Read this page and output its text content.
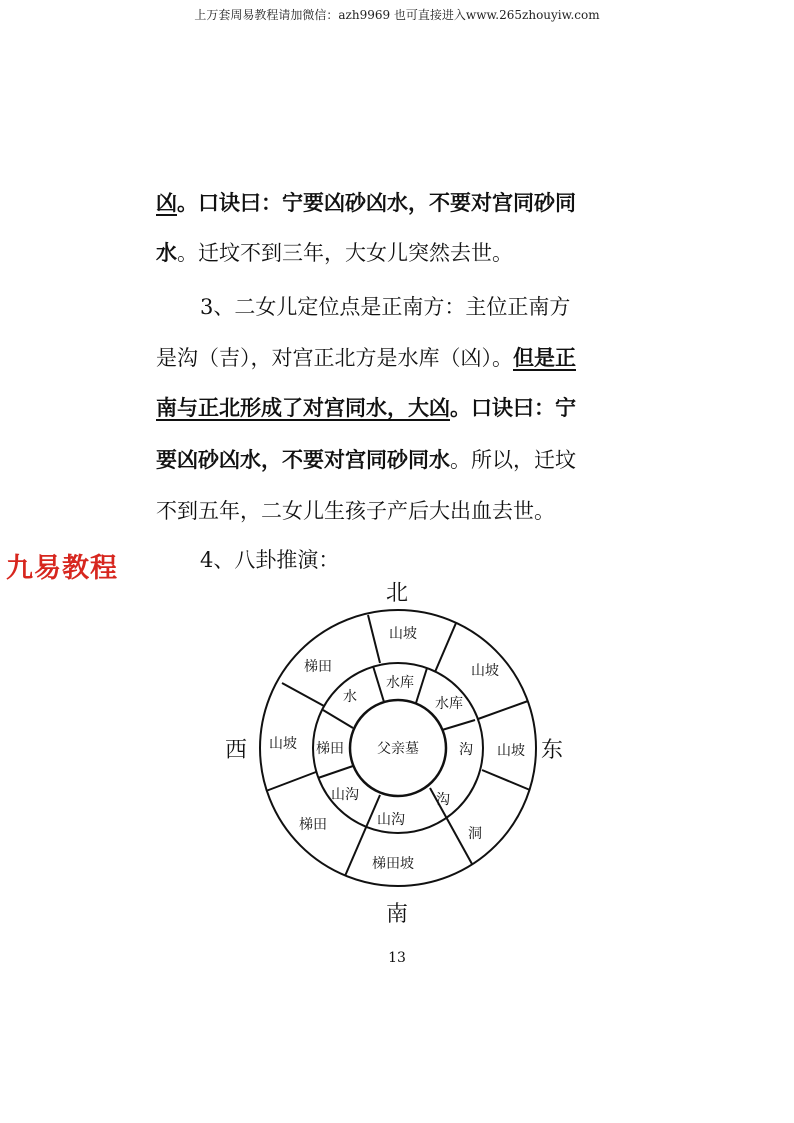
上万套周易教程请加微信：azh9969 也可直接进入www.265zhouyiw.com
九易教程
凶。口诀曰：宁要凶砂凶水，不要对宫同砂同
水。迁坟不到三年，大女儿突然去世。
3、二女儿定位点是正南方：主位正南方
是沟（吉），对宫正北方是水库（凶）。但是正
南与正北形成了对宫同水，大凶。口诀曰：宁
要凶砂凶水，不要对宫同砂同水。所以，迁坟
不到五年，二女儿生孩子产后大出血去世。
4、八卦推演：
北
南
东
西	父亲墓
水库
水库
沟
山沟
山沟
梯田
水
沟
山坡
山坡
山坡
洞
梯田坡
梯田
山坡
梯田
13
